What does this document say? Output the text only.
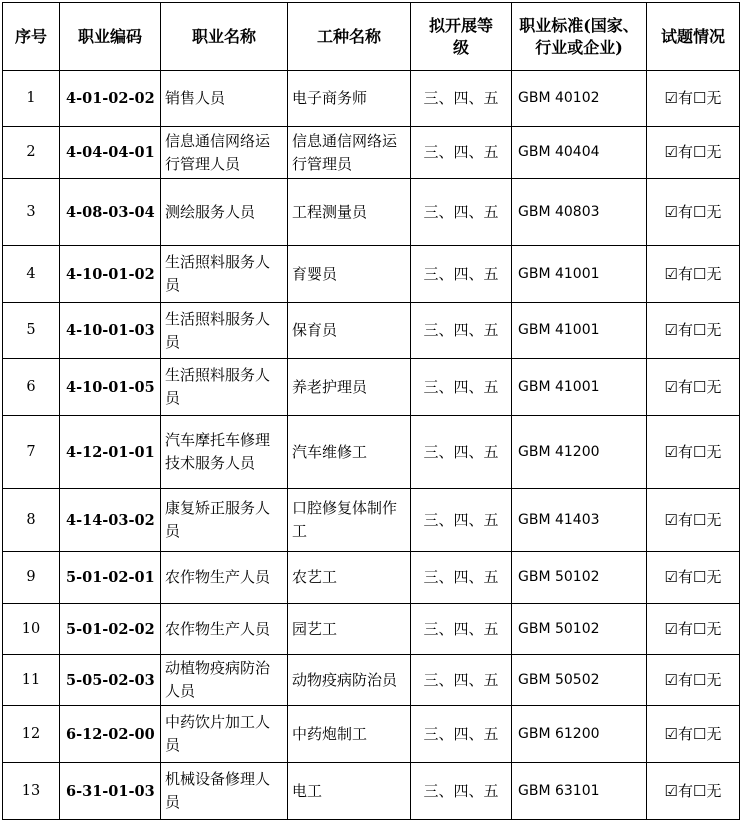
序号	职业编码	职业名称	工种名称	拟开展等级	职业标准(国家、行业或企业)	试题情况
1	4-01-02-02	销售人员	电子商务师	三、四、五	GBM 40102	☑有☐无
2	4-04-04-01	信息通信网络运行管理人员	信息通信网络运行管理员	三、四、五	GBM 40404	☑有☐无
3	4-08-03-04	测绘服务人员	工程测量员	三、四、五	GBM 40803	☑有☐无
4	4-10-01-02	生活照料服务人员	育婴员	三、四、五	GBM 41001	☑有☐无
5	4-10-01-03	生活照料服务人员	保育员	三、四、五	GBM 41001	☑有☐无
6	4-10-01-05	生活照料服务人员	养老护理员	三、四、五	GBM 41001	☑有☐无
7	4-12-01-01	汽车摩托车修理技术服务人员	汽车维修工	三、四、五	GBM 41200	☑有☐无
8	4-14-03-02	康复矫正服务人员	口腔修复体制作工	三、四、五	GBM 41403	☑有☐无
9	5-01-02-01	农作物生产人员	农艺工	三、四、五	GBM 50102	☑有☐无
10	5-01-02-02	农作物生产人员	园艺工	三、四、五	GBM 50102	☑有☐无
11	5-05-02-03	动植物疫病防治人员	动物疫病防治员	三、四、五	GBM 50502	☑有☐无
12	6-12-02-00	中药饮片加工人员	中药炮制工	三、四、五	GBM 61200	☑有☐无
13	6-31-01-03	机械设备修理人员	电工	三、四、五	GBM 63101	☑有☐无
